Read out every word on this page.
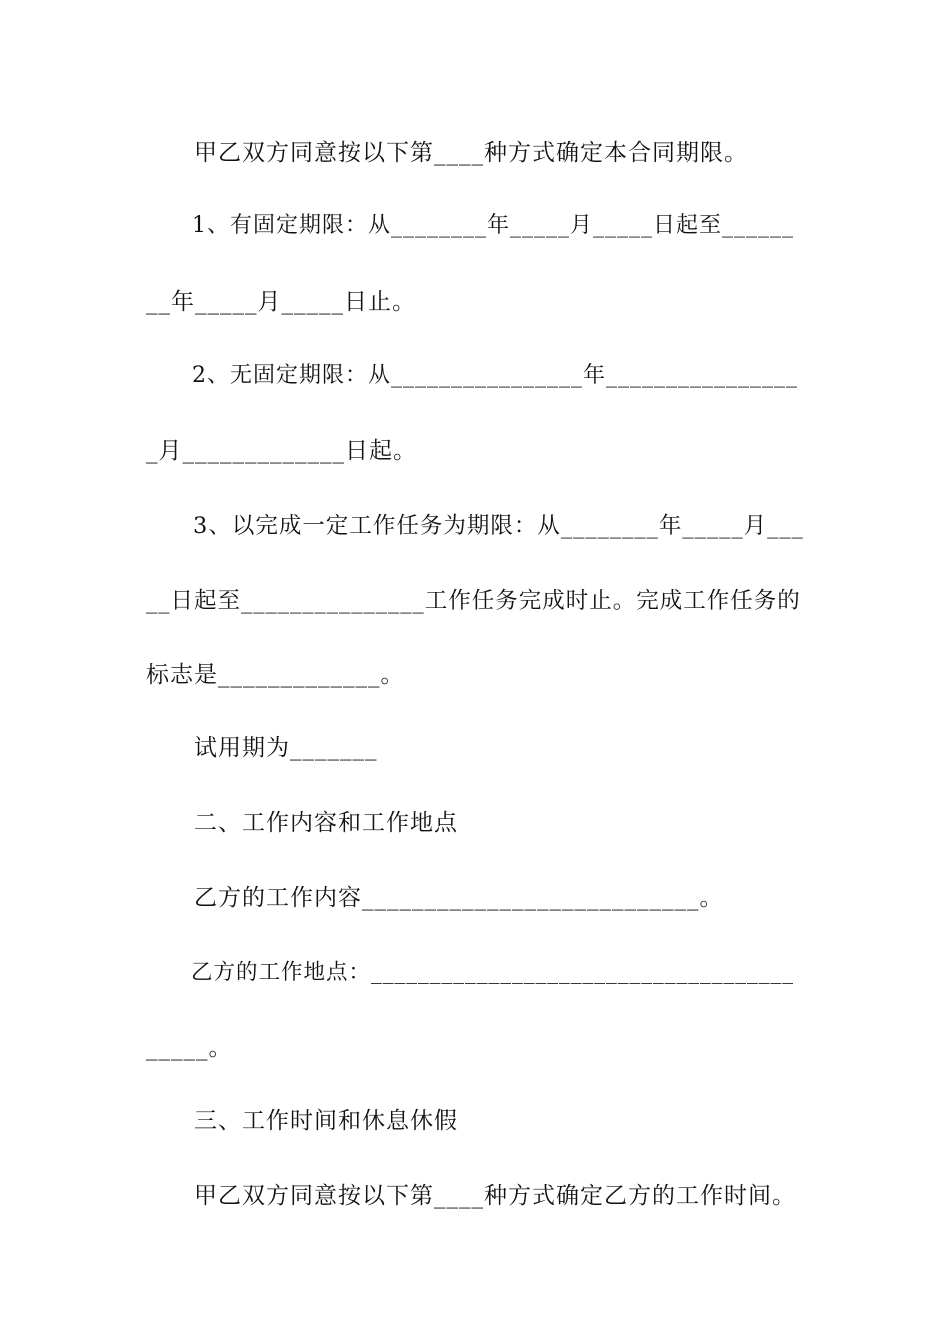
　　甲乙双方同意按以下第____种方式确定本合同期限。
　　1、有固定期限：从________年_____月_____日起至______
__年_____月_____日止。
　　2、无固定期限：从________________年________________
_月_____________日起。
　　3、以完成一定工作任务为期限：从________年_____月___
__日起至_______________工作任务完成时止。完成工作任务的
标志是_____________。
　　试用期为_______
　　二、工作内容和工作地点
　　乙方的工作内容___________________________。
　　乙方的工作地点：____________________________________
_____。
　　三、工作时间和休息休假
　　甲乙双方同意按以下第____种方式确定乙方的工作时间。
